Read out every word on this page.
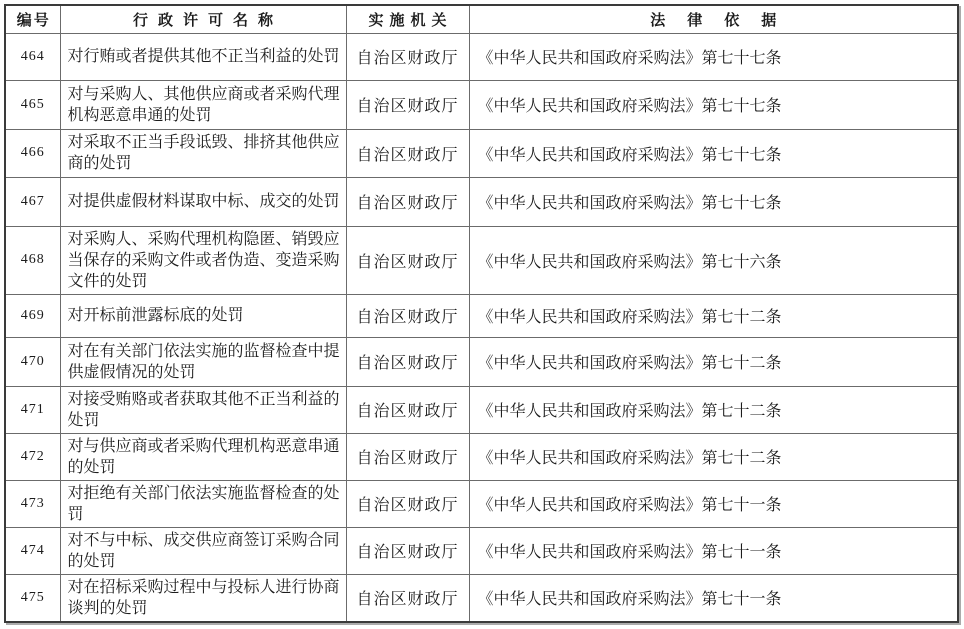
编号	行政许可名称	实施机关	法律依据
464	对行贿或者提供其他不正当利益的处罚	自治区财政厅	《中华人民共和国政府采购法》第七十七条
465	对与采购人、其他供应商或者采购代理机构恶意串通的处罚	自治区财政厅	《中华人民共和国政府采购法》第七十七条
466	对采取不正当手段诋毁、排挤其他供应商的处罚	自治区财政厅	《中华人民共和国政府采购法》第七十七条
467	对提供虚假材料谋取中标、成交的处罚	自治区财政厅	《中华人民共和国政府采购法》第七十七条
468	对采购人、采购代理机构隐匿、销毁应当保存的采购文件或者伪造、变造采购文件的处罚	自治区财政厅	《中华人民共和国政府采购法》第七十六条
469	对开标前泄露标底的处罚	自治区财政厅	《中华人民共和国政府采购法》第七十二条
470	对在有关部门依法实施的监督检查中提供虚假情况的处罚	自治区财政厅	《中华人民共和国政府采购法》第七十二条
471	对接受贿赂或者获取其他不正当利益的处罚	自治区财政厅	《中华人民共和国政府采购法》第七十二条
472	对与供应商或者采购代理机构恶意串通的处罚	自治区财政厅	《中华人民共和国政府采购法》第七十二条
473	对拒绝有关部门依法实施监督检查的处罚	自治区财政厅	《中华人民共和国政府采购法》第七十一条
474	对不与中标、成交供应商签订采购合同的处罚	自治区财政厅	《中华人民共和国政府采购法》第七十一条
475	对在招标采购过程中与投标人进行协商谈判的处罚	自治区财政厅	《中华人民共和国政府采购法》第七十一条
